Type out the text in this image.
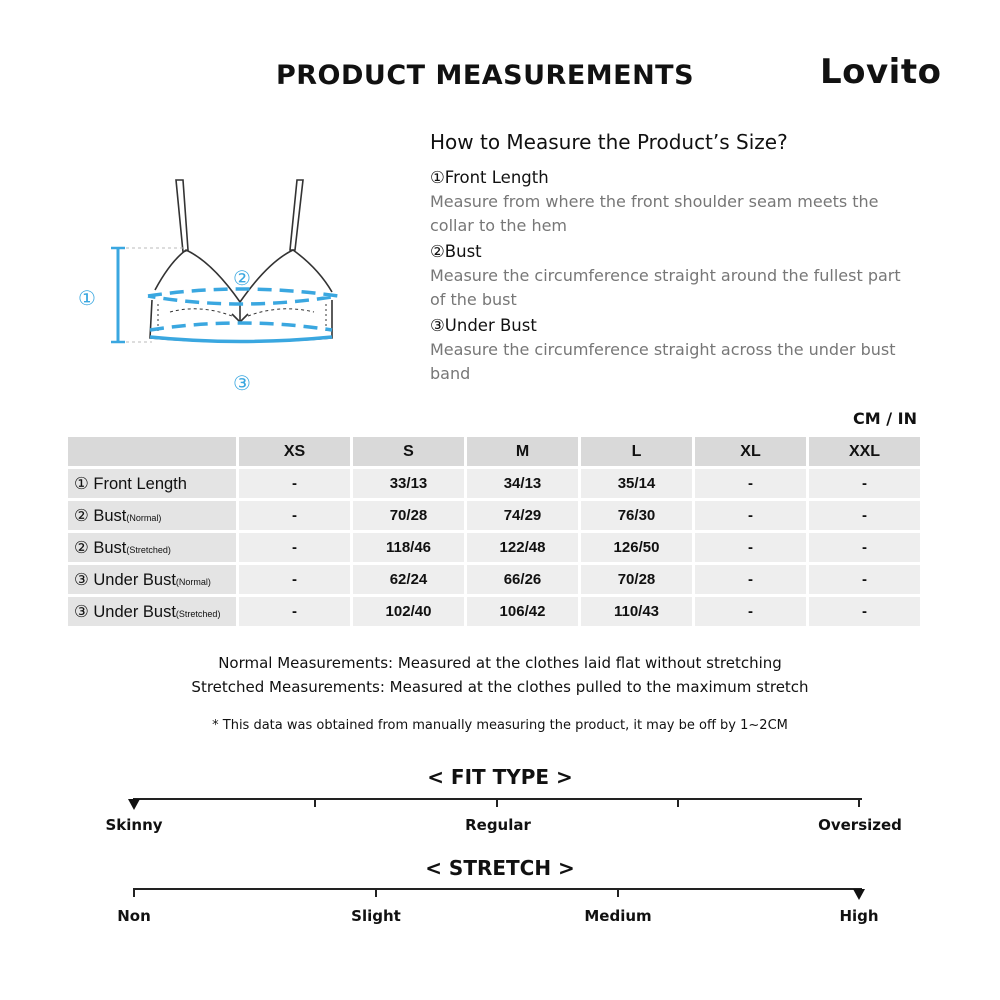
PRODUCT MEASUREMENTS	Lovito
①
②
③
How to Measure the Product’s Size?
①Front Length
Measure from where the front shoulder seam meets the collar to the hem
②Bust
Measure the circumference straight around the fullest part of the bust
③Under Bust
Measure the circumference straight across the under bust band
CM / IN
	XS	S	M	L	XL	XXL
① Front Length	-	33/13	34/13	35/14	-	-
② Bust(Normal)	-	70/28	74/29	76/30	-	-
② Bust(Stretched)	-	118/46	122/48	126/50	-	-
③ Under Bust(Normal)	-	62/24	66/26	70/28	-	-
③ Under Bust(Stretched)	-	102/40	106/42	110/43	-	-
Normal Measurements: Measured at the clothes laid flat without stretching
Stretched Measurements: Measured at the clothes pulled to the maximum stretch
* This data was obtained from manually measuring the product, it may be off by 1~2CM
< FIT TYPE >
Skinny	Regular	Oversized
< STRETCH >
Non	Slight	Medium	High
